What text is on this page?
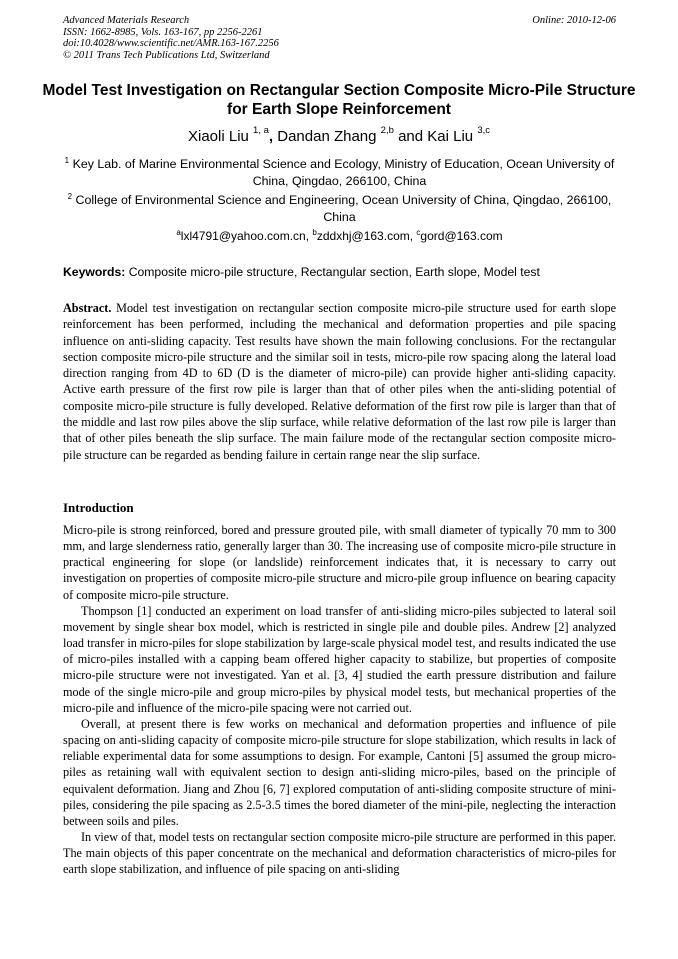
Advanced Materials Research
ISSN: 1662-8985, Vols. 163-167, pp 2256-2261
doi:10.4028/www.scientific.net/AMR.163-167.2256
© 2011 Trans Tech Publications Ltd, Switzerland
Online: 2010-12-06
Model Test Investigation on Rectangular Section Composite Micro-Pile Structure for Earth Slope Reinforcement
Xiaoli Liu $^{1, a}$, Dandan Zhang $^{2,b}$ and Kai Liu $^{3,c}$
$^1$ Key Lab. of Marine Environmental Science and Ecology, Ministry of Education, Ocean University of China, Qingdao, 266100, China
$^2$ College of Environmental Science and Engineering, Ocean University of China, Qingdao, 266100, China
$^a$lxl4791@yahoo.com.cn, $^b$zddxhj@163.com, $^c$gord@163.com
Keywords: Composite micro-pile structure, Rectangular section, Earth slope, Model test
Abstract. Model test investigation on rectangular section composite micro-pile structure used for earth slope reinforcement has been performed, including the mechanical and deformation properties and pile spacing influence on anti-sliding capacity. Test results have shown the main following conclusions. For the rectangular section composite micro-pile structure and the similar soil in tests, micro-pile row spacing along the lateral load direction ranging from 4D to 6D (D is the diameter of micro-pile) can provide higher anti-sliding capacity. Active earth pressure of the first row pile is larger than that of other piles when the anti-sliding potential of composite micro-pile structure is fully developed. Relative deformation of the first row pile is larger than that of the middle and last row piles above the slip surface, while relative deformation of the last row pile is larger than that of other piles beneath the slip surface. The main failure mode of the rectangular section composite micro-pile structure can be regarded as bending failure in certain range near the slip surface.
Introduction

Micro-pile is strong reinforced, bored and pressure grouted pile, with small diameter of typically 70 mm to 300 mm, and large slenderness ratio, generally larger than 30. The increasing use of composite micro-pile structure in practical engineering for slope (or landslide) reinforcement indicates that, it is necessary to carry out investigation on properties of composite micro-pile structure and micro-pile group influence on bearing capacity of composite micro-pile structure.

Thompson [1] conducted an experiment on load transfer of anti-sliding micro-piles subjected to lateral soil movement by single shear box model, which is restricted in single pile and double piles. Andrew [2] analyzed load transfer in micro-piles for slope stabilization by large-scale physical model test, and results indicated the use of micro-piles installed with a capping beam offered higher capacity to stabilize, but properties of composite micro-pile structure were not investigated. Yan et al. [3, 4] studied the earth pressure distribution and failure mode of the single micro-pile and group micro-piles by physical model tests, but mechanical properties of the micro-pile and influence of the micro-pile spacing were not carried out.

Overall, at present there is few works on mechanical and deformation properties and influence of pile spacing on anti-sliding capacity of composite micro-pile structure for slope stabilization, which results in lack of reliable experimental data for some assumptions to design. For example, Cantoni [5] assumed the group micro-piles as retaining wall with equivalent section to design anti-sliding micro-piles, based on the principle of equivalent deformation. Jiang and Zhou [6, 7] explored computation of anti-sliding composite structure of mini-piles, considering the pile spacing as 2.5-3.5 times the bored diameter of the mini-pile, neglecting the interaction between soils and piles.

In view of that, model tests on rectangular section composite micro-pile structure are performed in this paper. The main objects of this paper concentrate on the mechanical and deformation characteristics of micro-piles for earth slope stabilization, and influence of pile spacing on anti-sliding
